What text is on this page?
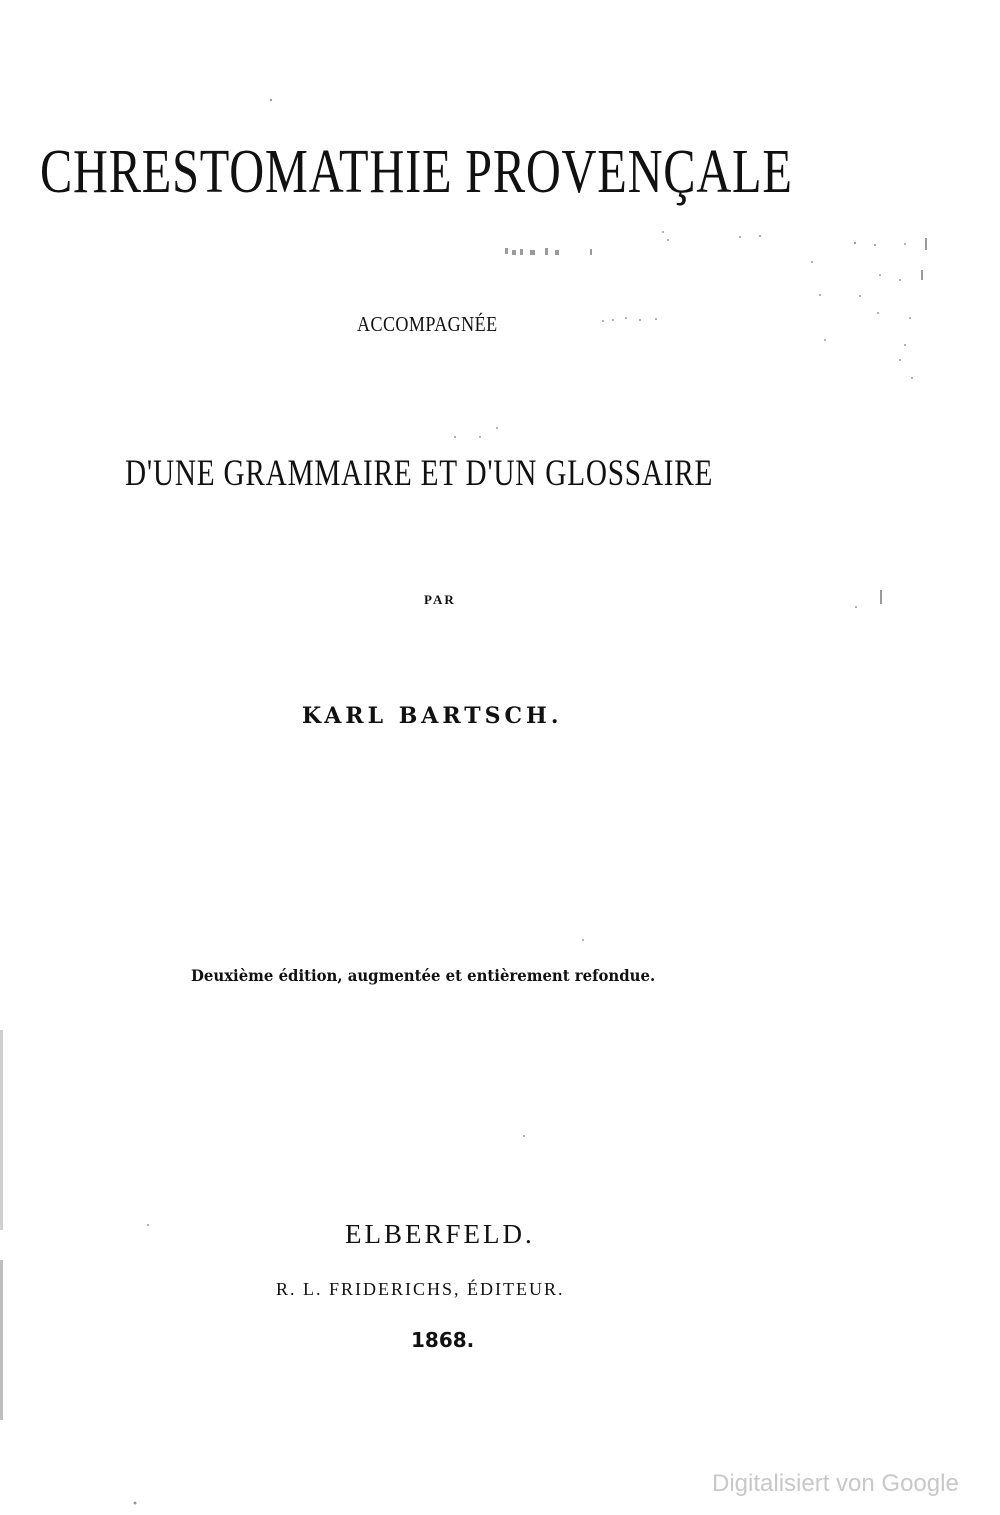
CHRESTOMATHIE PROVENÇALE
ACCOMPAGNÉE
D'UNE GRAMMAIRE ET D'UN GLOSSAIRE
PAR
KARL BARTSCH.
Deuxième édition, augmentée et entièrement refondue.
ELBERFELD.
R. L. FRIDERICHS, ÉDITEUR.
1868.
Digitalisiert von Google
